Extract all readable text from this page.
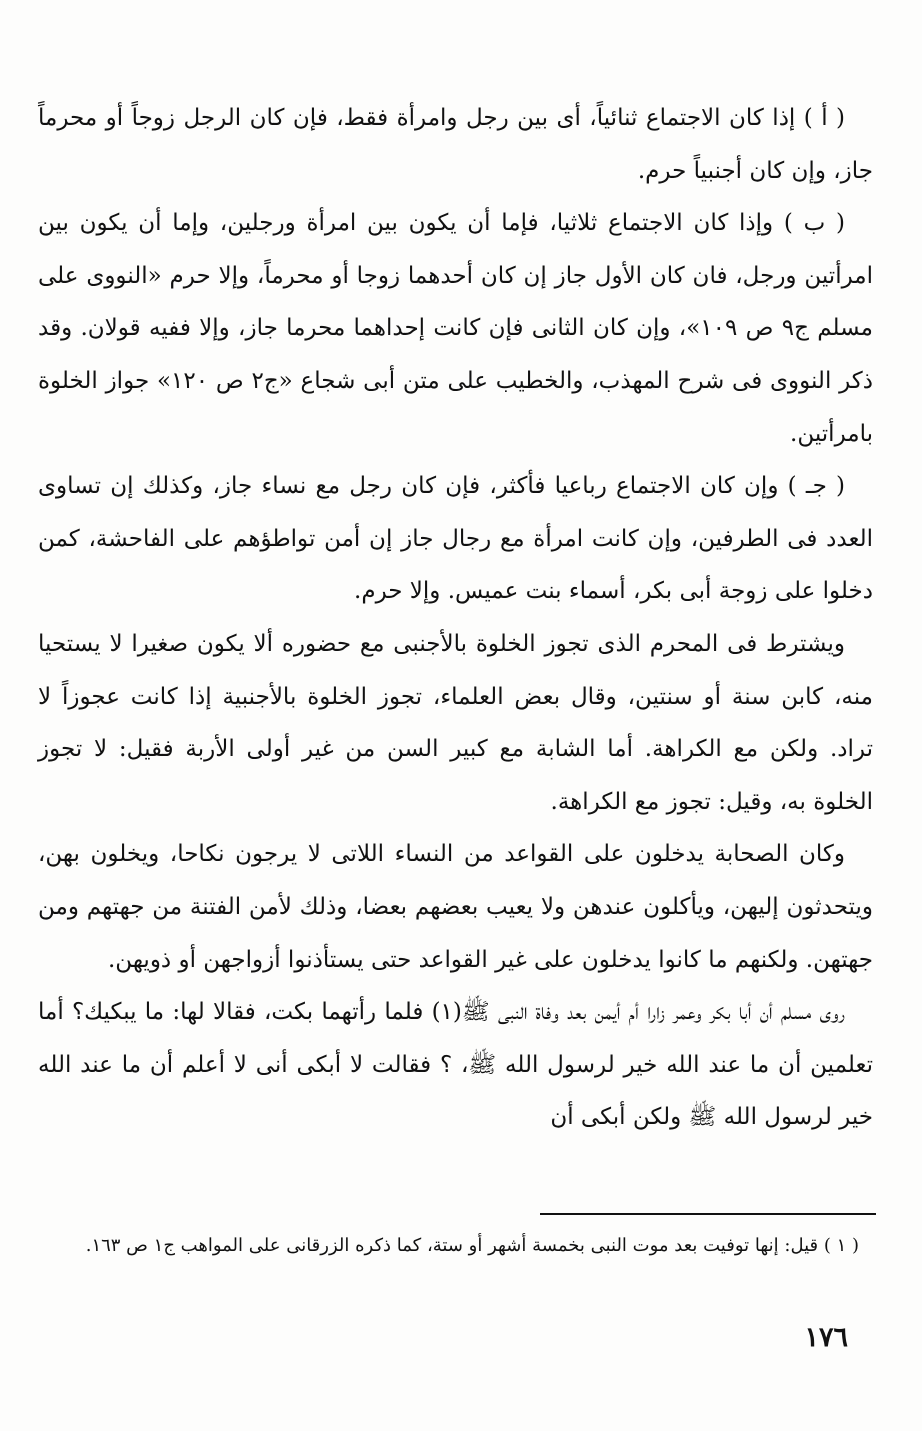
( أ ) إذا كان الاجتماع ثنائياً، أى بين رجل وامرأة فقط، فإن كان الرجل زوجاً أو محرماً جاز، وإن كان أجنبياً حرم.

( ب ) وإذا كان الاجتماع ثلاثيا، فإما أن يكون بين امرأة ورجلين، وإما أن يكون بين امرأتين ورجل، فان كان الأول جاز إن كان أحدهما زوجا أو محرماً، وإلا حرم «النووى على مسلم ج٩ ص ١٠٩»، وإن كان الثانى فإن كانت إحداهما محرما جاز، وإلا ففيه قولان. وقد ذكر النووى فى شرح المهذب، والخطيب على متن أبى شجاع «ج٢ ص ١٢٠» جواز الخلوة بامرأتين.

( جـ ) وإن كان الاجتماع رباعيا فأكثر، فإن كان رجل مع نساء جاز، وكذلك إن تساوى العدد فى الطرفين، وإن كانت امرأة مع رجال جاز إن أمن تواطؤهم على الفاحشة، كمن دخلوا على زوجة أبى بكر، أسماء بنت عميس. وإلا حرم.

ويشترط فى المحرم الذى تجوز الخلوة بالأجنبى مع حضوره ألا يكون صغيرا لا يستحيا منه، كابن سنة أو سنتين، وقال بعض العلماء، تجوز الخلوة بالأجنبية إذا كانت عجوزاً لا تراد. ولكن مع الكراهة. أما الشابة مع كبير السن من غير أولى الأربة فقيل: لا تجوز الخلوة به، وقيل: تجوز مع الكراهة.

وكان الصحابة يدخلون على القواعد من النساء اللاتى لا يرجون نكاحا، ويخلون بهن، ويتحدثون إليهن، ويأكلون عندهن ولا يعيب بعضهم بعضا، وذلك لأمن الفتنة من جهتهم ومن جهتهن. ولكنهم ما كانوا يدخلون على غير القواعد حتى يستأذنوا أزواجهن أو ذويهن.

روى مسلم أن أبا بكر وعمر زارا أم أيمن بعد وفاة النبى ﷺ(١) فلما رأتهما بكت، فقالا لها: ما يبكيك؟ أما تعلمين أن ما عند الله خير لرسول الله ﷺ، ؟ فقالت لا أبكى أنى لا أعلم أن ما عند الله خير لرسول الله ﷺ ولكن أبكى أن

( ١ ) قيل: إنها توفيت بعد موت النبى بخمسة أشهر أو ستة، كما ذكره الزرقانى على المواهب ج١ ص ١٦٣.

١٧٦
